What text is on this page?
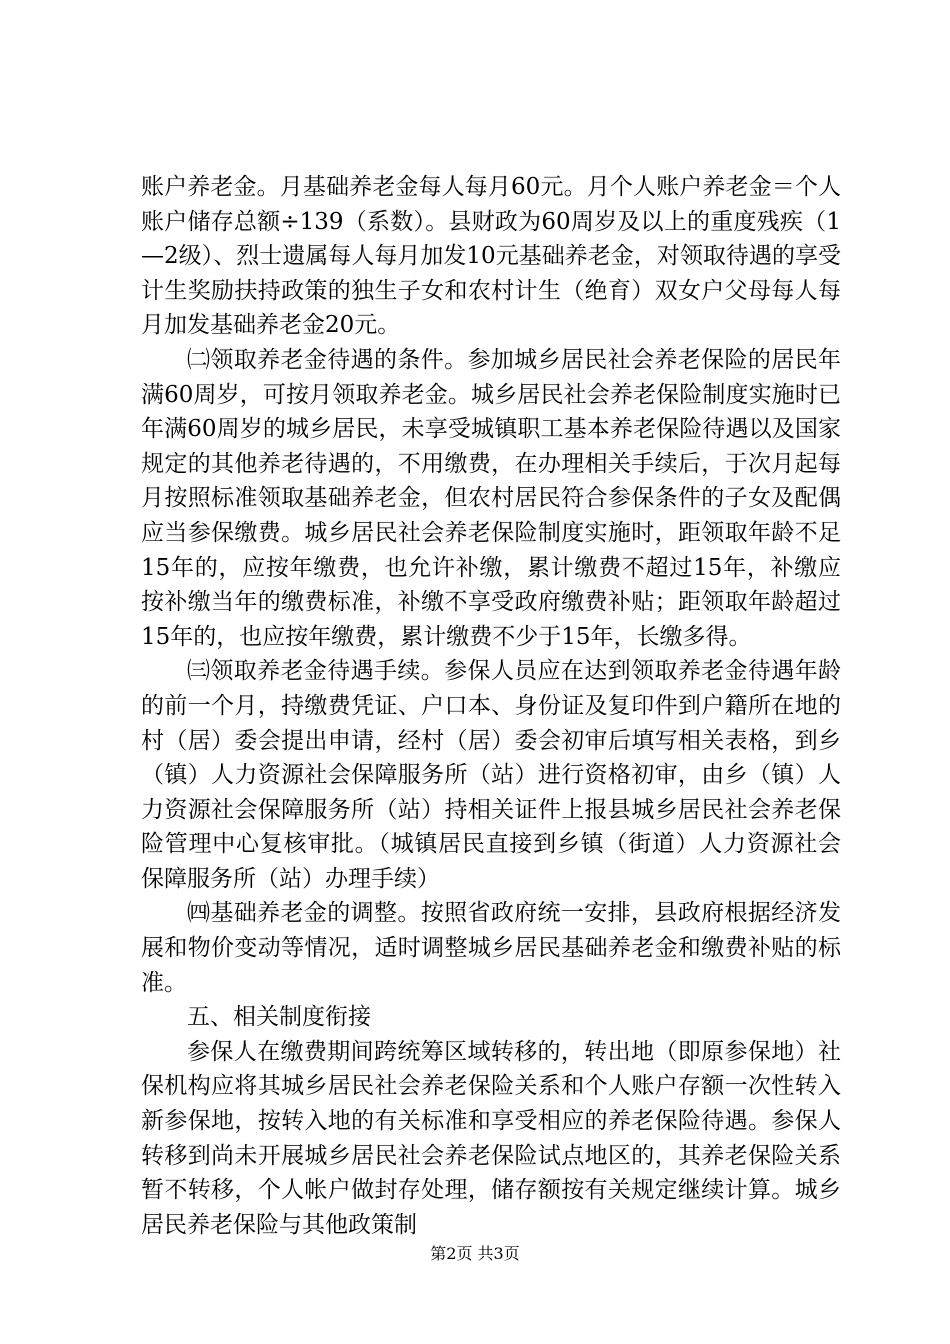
账户养老金。月基础养老金每人每月60元。月个人账户养老金＝个人账户储存总额÷139（系数）。县财政为60周岁及以上的重度残疾（1—2级）、烈士遗属每人每月加发10元基础养老金，对领取待遇的享受计生奖励扶持政策的独生子女和农村计生（绝育）双女户父母每人每月加发基础养老金20元。

㈡领取养老金待遇的条件。参加城乡居民社会养老保险的居民年满60周岁，可按月领取养老金。城乡居民社会养老保险制度实施时已年满60周岁的城乡居民，未享受城镇职工基本养老保险待遇以及国家规定的其他养老待遇的，不用缴费，在办理相关手续后，于次月起每月按照标准领取基础养老金，但农村居民符合参保条件的子女及配偶应当参保缴费。城乡居民社会养老保险制度实施时，距领取年龄不足15年的，应按年缴费，也允许补缴，累计缴费不超过15年，补缴应按补缴当年的缴费标准，补缴不享受政府缴费补贴；距领取年龄超过15年的，也应按年缴费，累计缴费不少于15年，长缴多得。

㈢领取养老金待遇手续。参保人员应在达到领取养老金待遇年龄的前一个月，持缴费凭证、户口本、身份证及复印件到户籍所在地的村（居）委会提出申请，经村（居）委会初审后填写相关表格，到乡（镇）人力资源社会保障服务所（站）进行资格初审，由乡（镇）人力资源社会保障服务所（站）持相关证件上报县城乡居民社会养老保险管理中心复核审批。（城镇居民直接到乡镇（街道）人力资源社会保障服务所（站）办理手续）

㈣基础养老金的调整。按照省政府统一安排，县政府根据经济发展和物价变动等情况，适时调整城乡居民基础养老金和缴费补贴的标准。

五、相关制度衔接

参保人在缴费期间跨统筹区域转移的，转出地（即原参保地）社保机构应将其城乡居民社会养老保险关系和个人账户存额一次性转入新参保地，按转入地的有关标准和享受相应的养老保险待遇。参保人转移到尚未开展城乡居民社会养老保险试点地区的，其养老保险关系暂不转移，个人帐户做封存处理，储存额按有关规定继续计算。城乡居民养老保险与其他政策制

第2页 共3页
